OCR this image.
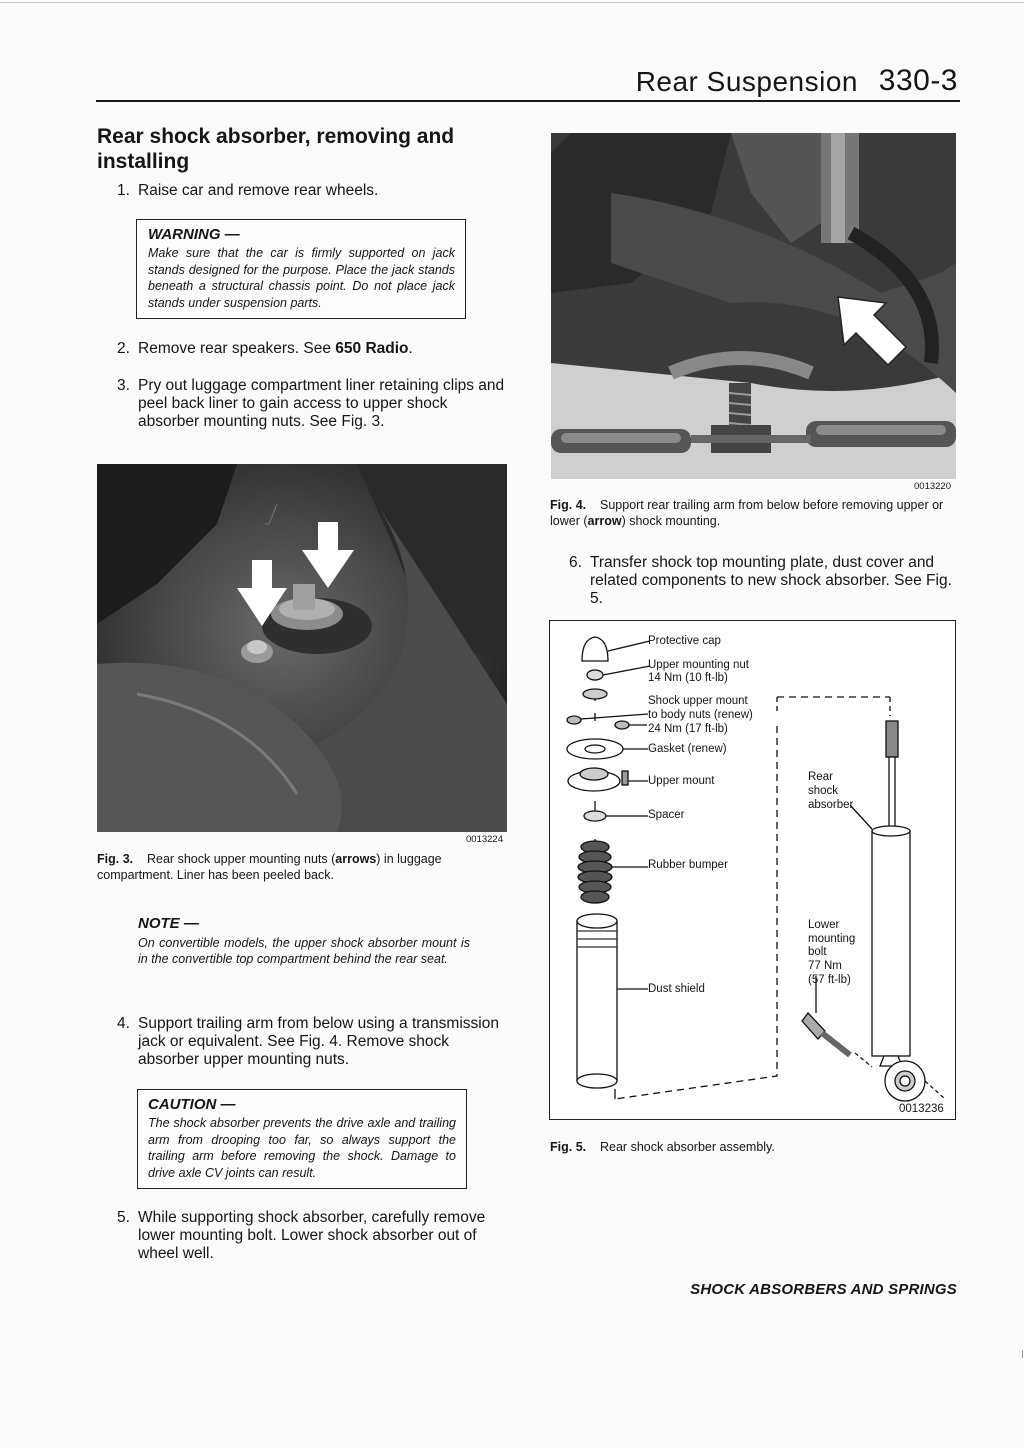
Rear Suspension 330-3
Rear shock absorber, removing and installing
1. Raise car and remove rear wheels.
WARNING —
Make sure that the car is firmly supported on jack stands designed for the purpose. Place the jack stands beneath a structural chassis point. Do not place jack stands under suspension parts.
2. Remove rear speakers. See 650 Radio.
3. Pry out luggage compartment liner retaining clips and peel back liner to gain access to upper shock absorber mounting nuts. See Fig. 3.
0013224
Fig. 3. Rear shock upper mounting nuts (arrows) in luggage compartment. Liner has been peeled back.
NOTE —
On convertible models, the upper shock absorber mount is in the convertible top compartment behind the rear seat.
4. Support trailing arm from below using a transmission jack or equivalent. See Fig. 4. Remove shock absorber upper mounting nuts.
CAUTION —
The shock absorber prevents the drive axle and trailing arm from drooping too far, so always support the trailing arm before removing the shock. Damage to drive axle CV joints can result.
5. While supporting shock absorber, carefully remove lower mounting bolt. Lower shock absorber out of wheel well.
0013220
Fig. 4. Support rear trailing arm from below before removing upper or lower (arrow) shock mounting.
6. Transfer shock top mounting plate, dust cover and related components to new shock absorber. See Fig. 5.
Protective cap
Upper mounting nut
14 Nm (10 ft-lb)
Shock upper mount
to body nuts (renew)
24 Nm (17 ft-lb)
Gasket (renew)
Upper mount
Spacer
Rubber bumper
Dust shield
Rear
shock
absorber
Lower
mounting
bolt
77 Nm
(57 ft-lb)
0013236
Fig. 5. Rear shock absorber assembly.
SHOCK ABSORBERS AND SPRINGS
